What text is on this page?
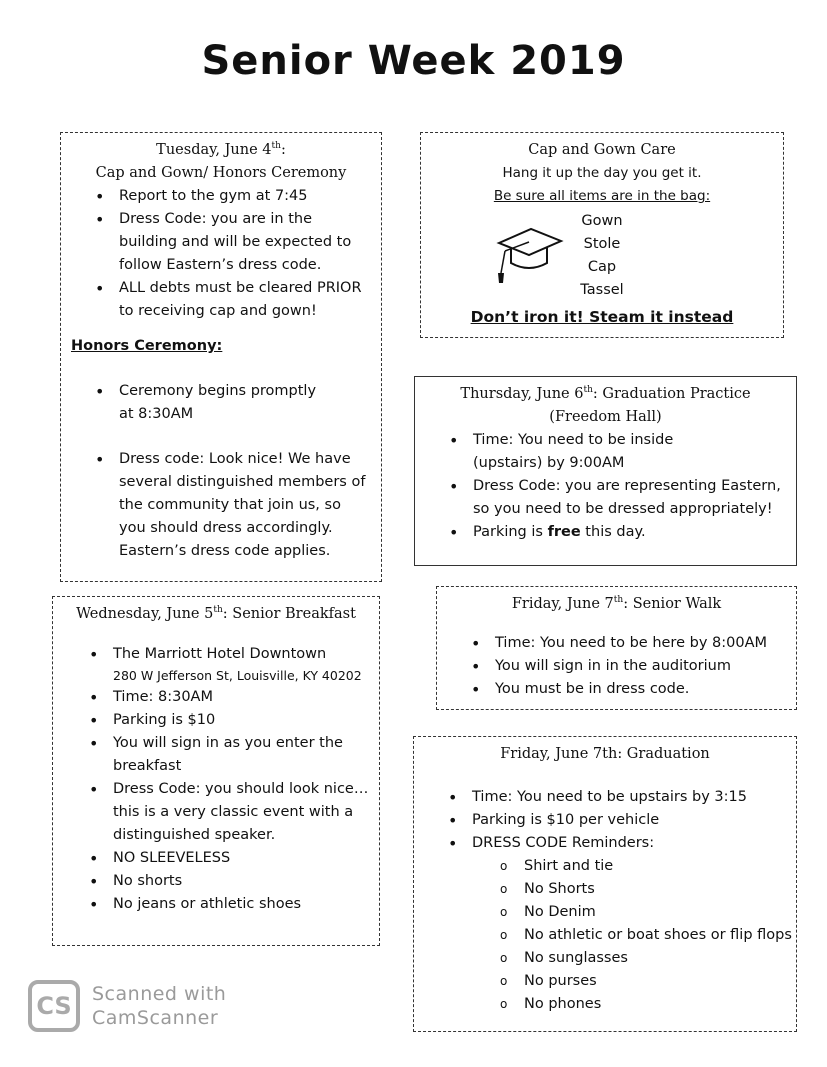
Senior Week 2019
Tuesday, June 4th:
Cap and Gown/ Honors Ceremony
• Report to the gym at 7:45
• Dress Code: you are in the building and will be expected to follow Eastern’s dress code.
• ALL debts must be cleared PRIOR to receiving cap and gown!
Honors Ceremony:
• Ceremony begins promptly at 8:30AM
• Dress code: Look nice! We have several distinguished members of the community that join us, so you should dress accordingly. Eastern’s dress code applies.
Cap and Gown Care
Hang it up the day you get it.
Be sure all items are in the bag:
Gown
Stole
Cap
Tassel
Don’t iron it! Steam it instead
Thursday, June 6th: Graduation Practice
(Freedom Hall)
• Time: You need to be inside (upstairs) by 9:00AM
• Dress Code: you are representing Eastern, so you need to be dressed appropriately!
• Parking is free this day.
Wednesday, June 5th: Senior Breakfast
• The Marriott Hotel Downtown
280 W Jefferson St, Louisville, KY 40202
• Time: 8:30AM
• Parking is $10
• You will sign in as you enter the breakfast
• Dress Code: you should look nice… this is a very classic event with a distinguished speaker.
• NO SLEEVELESS
• No shorts
• No jeans or athletic shoes
Friday, June 7th: Senior Walk
• Time: You need to be here by 8:00AM
• You will sign in in the auditorium
• You must be in dress code.
Friday, June 7th: Graduation
• Time: You need to be upstairs by 3:15
• Parking is $10 per vehicle
• DRESS CODE Reminders:
o Shirt and tie
o No Shorts
o No Denim
o No athletic or boat shoes or flip flops
o No sunglasses
o No purses
o No phones
CS	Scanned with
CamScanner
